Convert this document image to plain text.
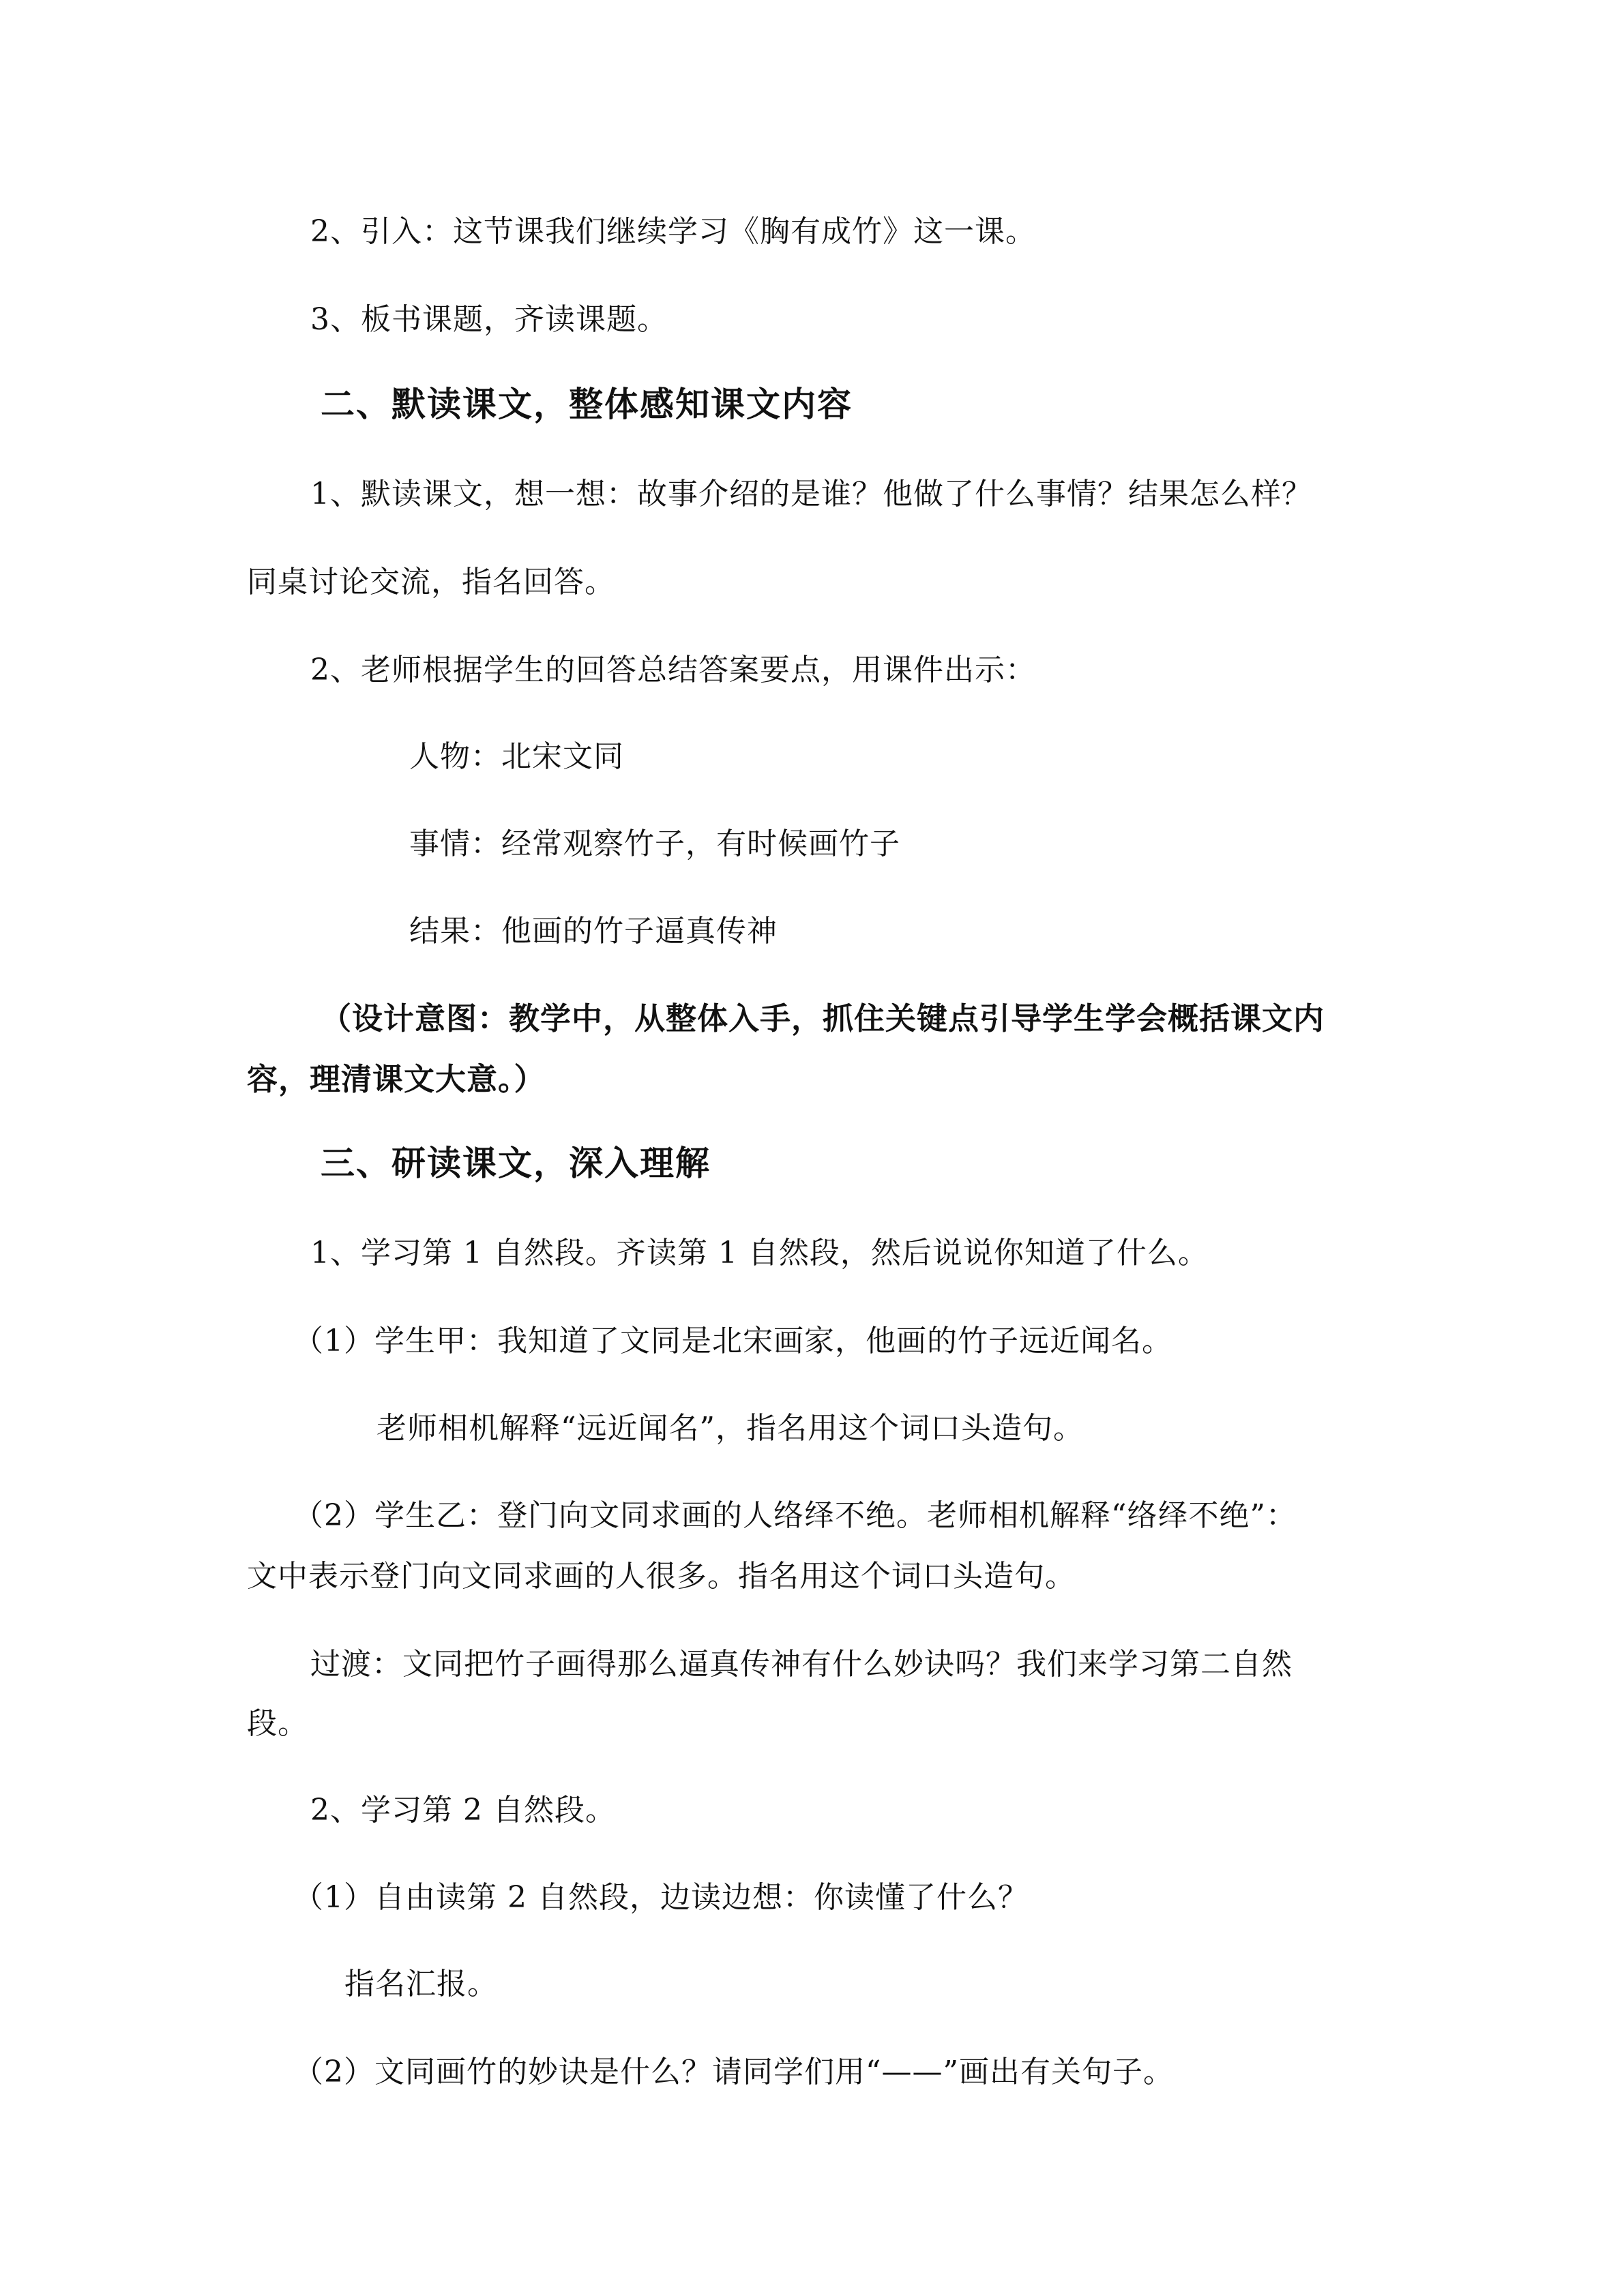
2、引入：这节课我们继续学习《胸有成竹》这一课。
3、板书课题，齐读课题。
二、默读课文，整体感知课文内容
1、默读课文，想一想：故事介绍的是谁？他做了什么事情？结果怎么样？
同桌讨论交流，指名回答。
2、老师根据学生的回答总结答案要点，用课件出示：
人物：北宋文同
事情：经常观察竹子，有时候画竹子
结果：他画的竹子逼真传神
（设计意图：教学中，从整体入手，抓住关键点引导学生学会概括课文内
容，理清课文大意。）
三、研读课文，深入理解
1、学习第 1 自然段。齐读第 1 自然段，然后说说你知道了什么。
（1）学生甲：我知道了文同是北宋画家，他画的竹子远近闻名。
老师相机解释“远近闻名”，指名用这个词口头造句。
（2）学生乙：登门向文同求画的人络绎不绝。老师相机解释“络绎不绝”：
文中表示登门向文同求画的人很多。指名用这个词口头造句。
过渡：文同把竹子画得那么逼真传神有什么妙诀吗？我们来学习第二自然
段。
2、学习第 2 自然段。
（1）自由读第 2 自然段，边读边想：你读懂了什么？
指名汇报。
（2）文同画竹的妙诀是什么？请同学们用“——”画出有关句子。
